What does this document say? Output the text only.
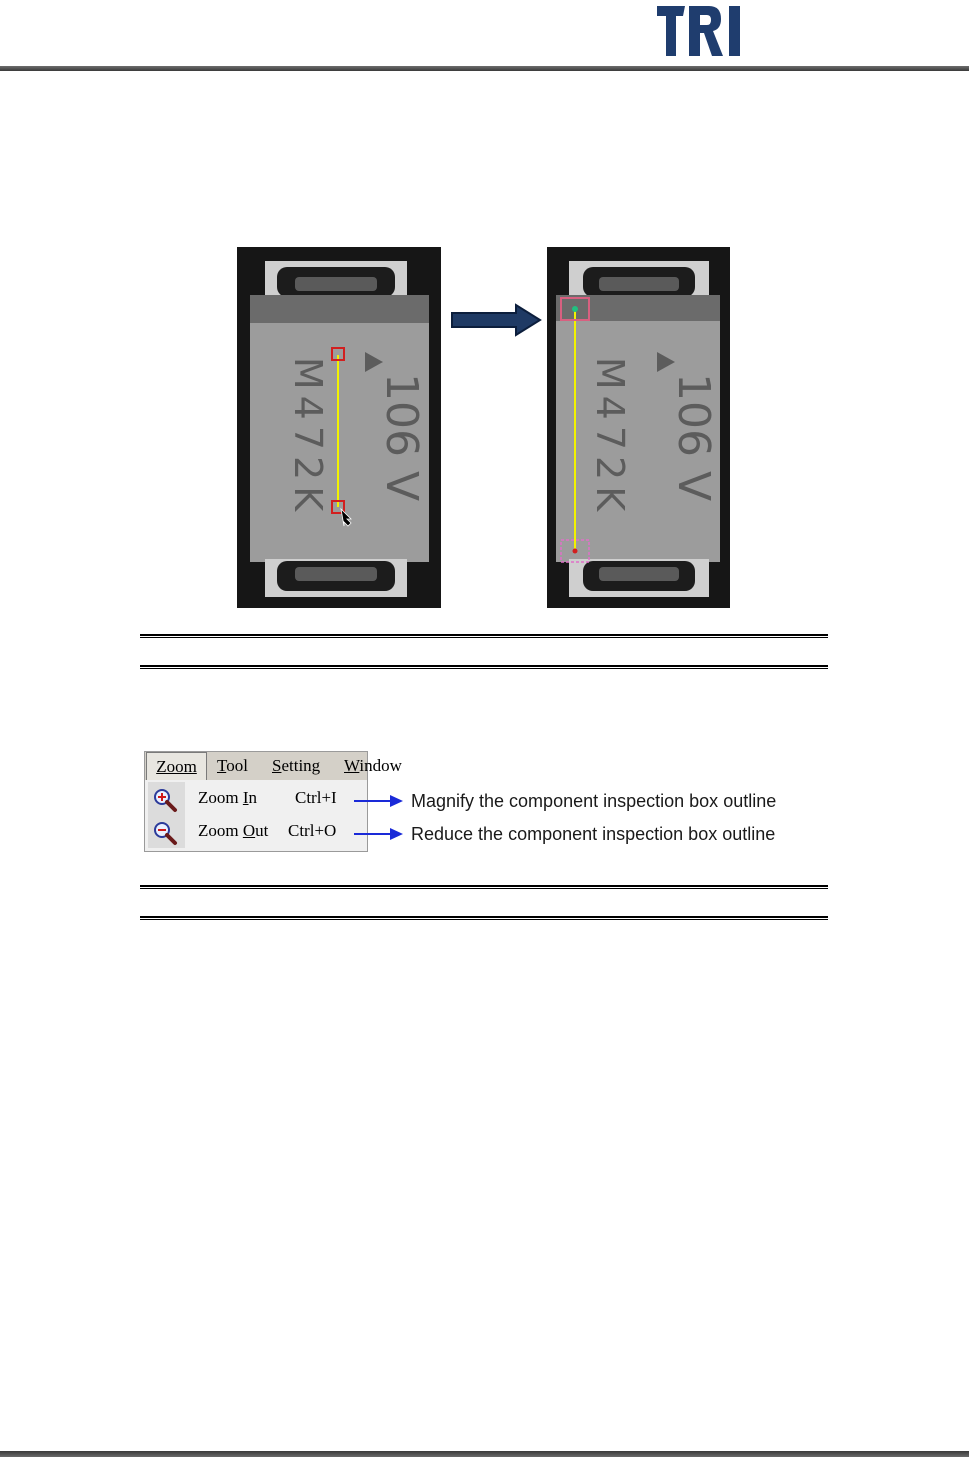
106 V
M472K	106 V
M472K
Zoom	Tool Setting Window
Zoom In Ctrl+I
Zoom Out Ctrl+O
Magnify the component inspection box outline
Reduce the component inspection box outline
